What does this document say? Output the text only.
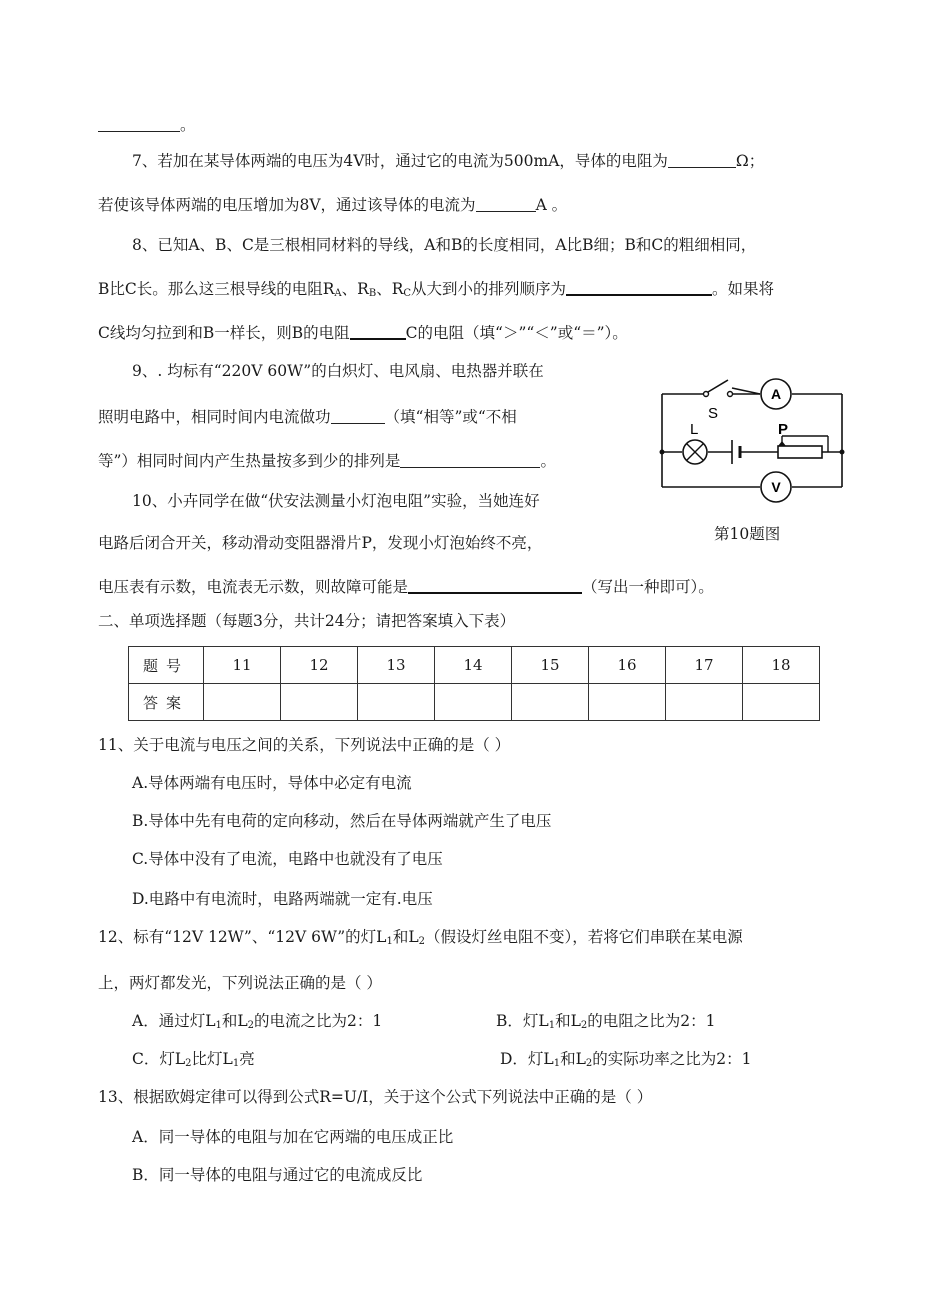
。
7、若加在某导体两端的电压为4V时，通过它的电流为500mA，导体的电阻为	Ω；
若使该导体两端的电压增加为8V，通过该导体的电流为	A 。
8、已知A、B、C是三根相同材料的导线，A和B的长度相同，A比B细；B和C的粗细相同，
B比C长。那么这三根导线的电阻$R_A$、$R_B$、$R_C$从大到小的排列顺序为	。如果将
C线均匀拉到和B一样长，则B的电阻	C的电阻（填“＞”“＜”或“＝”）。
9、. 均标有“220V 60W”的白炽灯、电风扇、电热器并联在
照明电路中，相同时间内电流做功	（填“相等”或“不相
等”）相同时间内产生热量按多到少的排列是	。
10、小卉同学在做“伏安法测量小灯泡电阻”实验，当她连好
电路后闭合开关，移动滑动变阻器滑片P，发现小灯泡始终不亮，
电压表有示数，电流表无示数，则故障可能是	（写出一种即可）。
S
A
L	P
V
第10题图
二、单项选择题（每题3分，共计24分；请把答案填入下表）
题号	11	12	13	14	15	16	17	18
答案								
11、关于电流与电压之间的关系，下列说法中正确的是（ ）
A.导体两端有电压时，导体中必定有电流
B.导体中先有电荷的定向移动，然后在导体两端就产生了电压
C.导体中没有了电流，电路中也就没有了电压
D.电路中有电流时，电路两端就一定有.电压
12、标有“12V 12W”、“12V 6W”的灯$L_1$和$L_2$（假设灯丝电阻不变），若将它们串联在某电源
上，两灯都发光，下列说法正确的是（ ）
A．通过灯$L_1$和$L_2$的电流之比为2：1	B．灯$L_1$和$L_2$的电阻之比为2：1
C．灯$L_2$比灯$L_1$亮	D．灯$L_1$和$L_2$的实际功率之比为2：1
13、根据欧姆定律可以得到公式R=U/I，关于这个公式下列说法中正确的是（ ）
A．同一导体的电阻与加在它两端的电压成正比
B．同一导体的电阻与通过它的电流成反比
